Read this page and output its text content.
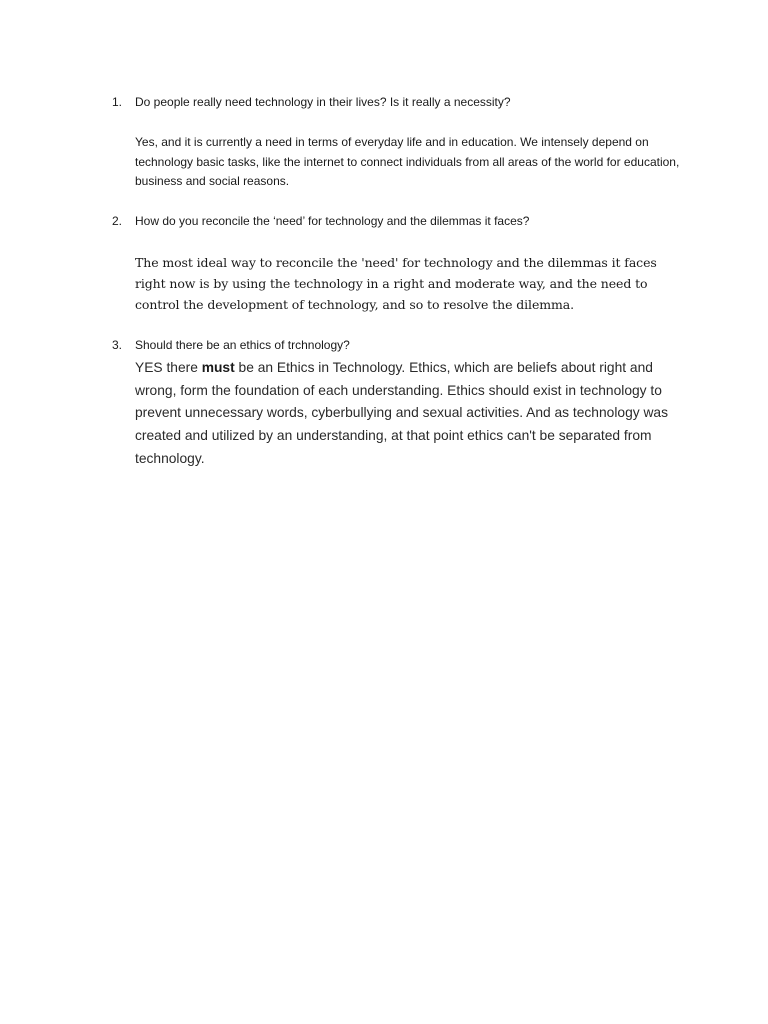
1. Do people really need technology in their lives? Is it really a necessity?
Yes, and it is currently a need in terms of everyday life and in education. We intensely depend on technology basic tasks, like the internet to connect individuals from all areas of the world for education, business and social reasons.
2. How do you reconcile the ‘need’ for technology and the dilemmas it faces?
The most ideal way to reconcile the 'need' for technology and the dilemmas it faces right now is by using the technology in a right and moderate way, and the need to control the development of technology, and so to resolve the dilemma.
3. Should there be an ethics of trchnology?
YES there must be an Ethics in Technology. Ethics, which are beliefs about right and wrong, form the foundation of each understanding. Ethics should exist in technology to prevent unnecessary words, cyberbullying and sexual activities. And as technology was created and utilized by an understanding, at that point ethics can't be separated from technology.
